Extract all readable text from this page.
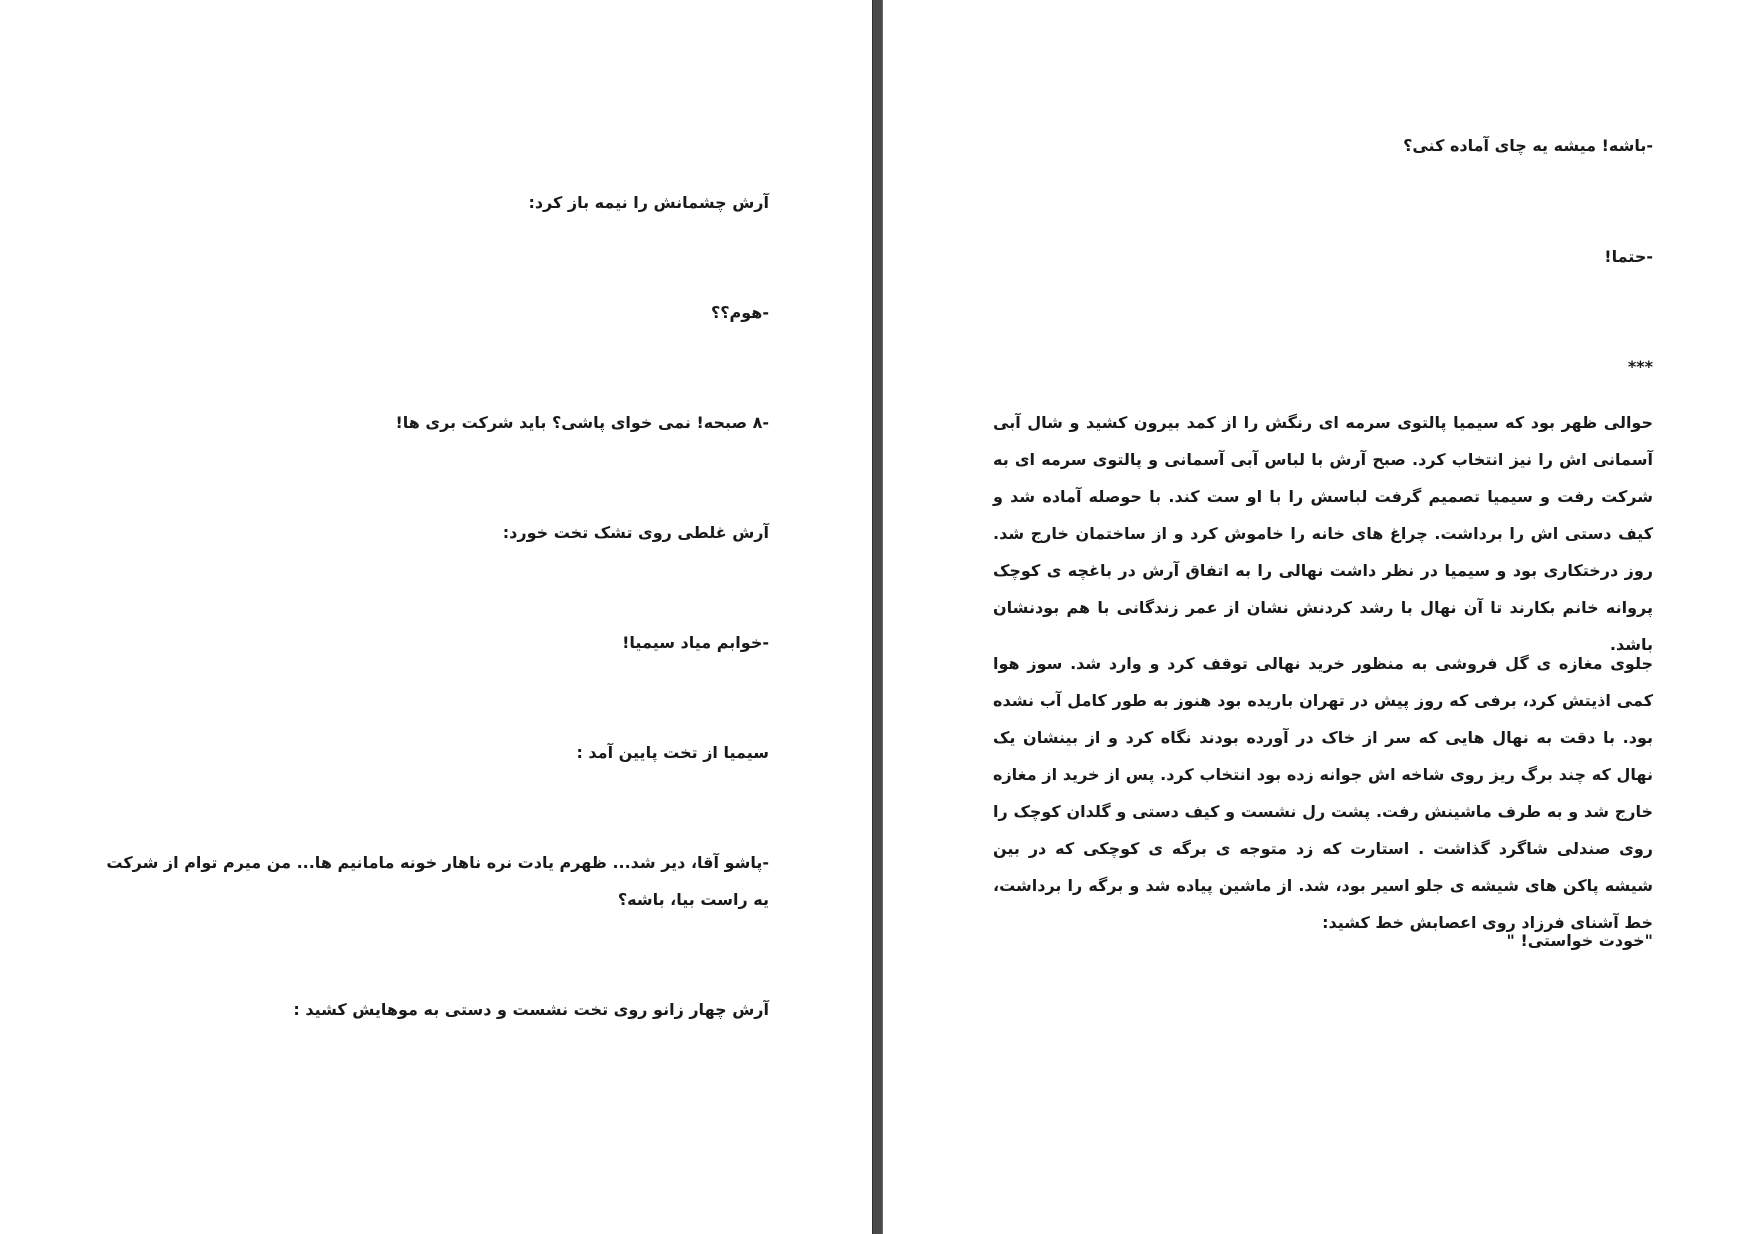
آرش چشمانش را نیمه باز کرد:

-هوم؟؟

-۸ صبحه! نمی خوای پاشی؟ باید شرکت بری ها!

آرش غلطی روی تشک تخت خورد:

-خوابم میاد سیمیا!

سیمیا از تخت پایین آمد :

-پاشو آقا، دیر شد... ظهرم یادت نره ناهار خونه مامانیم ها... من میرم توام از شرکت یه راست بیا، باشه؟

آرش چهار زانو روی تخت نشست و دستی به موهایش کشید :

-باشه! میشه یه چای آماده کنی؟

-حتما!

***

حوالی ظهر بود که سیمیا پالتوی سرمه ای رنگش را از کمد بیرون کشید و شال آبی آسمانی اش را نیز انتخاب کرد. صبح آرش با لباس آبی آسمانی و پالتوی سرمه ای به شرکت رفت و سیمیا تصمیم گرفت لباسش را با او ست کند. با حوصله آماده شد و کیف دستی اش را برداشت. چراغ های خانه را خاموش کرد و از ساختمان خارج شد. روز درختکاری بود و سیمیا در نظر داشت نهالی را به اتفاق آرش در باغچه ی کوچک پروانه خانم بکارند تا آن نهال با رشد کردنش نشان از عمر زندگانی با هم بودنشان باشد.

جلوی مغازه ی گل فروشی به منظور خرید نهالی توقف کرد و وارد شد. سوز هوا کمی اذیتش کرد، برفی که روز پیش در تهران باریده بود هنوز به طور کامل آب نشده بود. با دقت به نهال هایی که سر از خاک در آورده بودند نگاه کرد و از بینشان یک نهال که چند برگ ریز روی شاخه اش جوانه زده بود انتخاب کرد. پس از خرید از مغازه خارج شد و به طرف ماشینش رفت. پشت رل نشست و کیف دستی و گلدان کوچک را روی صندلی شاگرد گذاشت . استارت که زد متوجه ی برگه ی کوچکی که در بین شیشه پاکن های شیشه ی جلو اسیر بود، شد. از ماشین پیاده شد و برگه را برداشت، خط آشنای فرزاد روی اعصابش خط کشید:

"خودت خواستی! "
